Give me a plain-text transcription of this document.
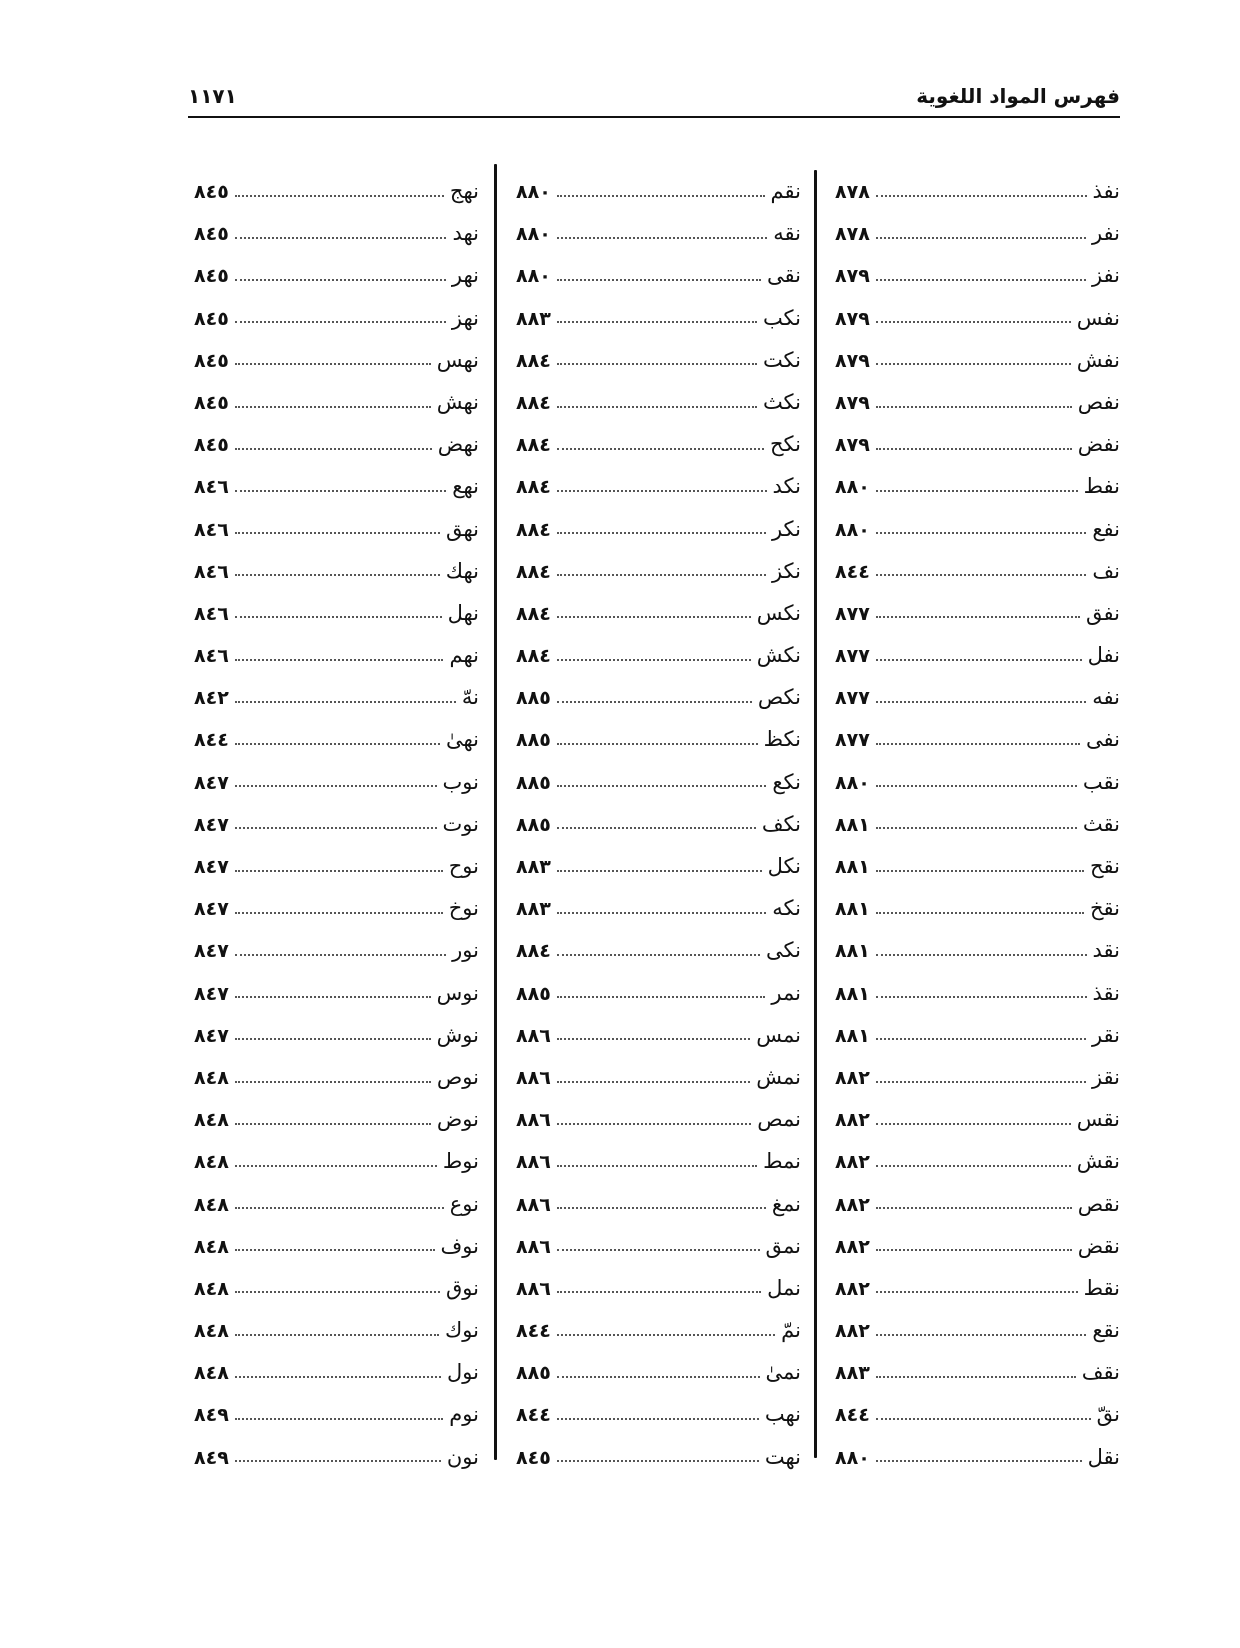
فهرس المواد اللغوية
١١٧١
نفذ
٨٧٨
نفر
٨٧٨
نفز
٨٧٩
نفس
٨٧٩
نفش
٨٧٩
نفص
٨٧٩
نفض
٨٧٩
نفط
٨٨٠
نفع
٨٨٠
نف
٨٤٤
نفق
٨٧٧
نفل
٨٧٧
نفه
٨٧٧
نفى
٨٧٧
نقب
٨٨٠
نقث
٨٨١
نقح
٨٨١
نقخ
٨٨١
نقد
٨٨١
نقذ
٨٨١
نقر
٨٨١
نقز
٨٨٢
نقس
٨٨٢
نقش
٨٨٢
نقص
٨٨٢
نقض
٨٨٢
نقط
٨٨٢
نقع
٨٨٢
نقف
٨٨٣
نقّ
٨٤٤
نقل
٨٨٠
نقم
٨٨٠
نقه
٨٨٠
نقى
٨٨٠
نكب
٨٨٣
نكت
٨٨٤
نكث
٨٨٤
نكح
٨٨٤
نكد
٨٨٤
نكر
٨٨٤
نكز
٨٨٤
نكس
٨٨٤
نكش
٨٨٤
نكص
٨٨٥
نكظ
٨٨٥
نكع
٨٨٥
نكف
٨٨٥
نكل
٨٨٣
نكه
٨٨٣
نكى
٨٨٤
نمر
٨٨٥
نمس
٨٨٦
نمش
٨٨٦
نمص
٨٨٦
نمط
٨٨٦
نمغ
٨٨٦
نمق
٨٨٦
نمل
٨٨٦
نمّ
٨٤٤
نمىٰ
٨٨٥
نهب
٨٤٤
نهت
٨٤٥
نهج
٨٤٥
نهد
٨٤٥
نهر
٨٤٥
نهز
٨٤٥
نهس
٨٤٥
نهش
٨٤٥
نهض
٨٤٥
نهع
٨٤٦
نهق
٨٤٦
نهك
٨٤٦
نهل
٨٤٦
نهم
٨٤٦
نهّ
٨٤٢
نهىٰ
٨٤٤
نوب
٨٤٧
نوت
٨٤٧
نوح
٨٤٧
نوخ
٨٤٧
نور
٨٤٧
نوس
٨٤٧
نوش
٨٤٧
نوص
٨٤٨
نوض
٨٤٨
نوط
٨٤٨
نوع
٨٤٨
نوف
٨٤٨
نوق
٨٤٨
نوك
٨٤٨
نول
٨٤٨
نوم
٨٤٩
نون
٨٤٩
